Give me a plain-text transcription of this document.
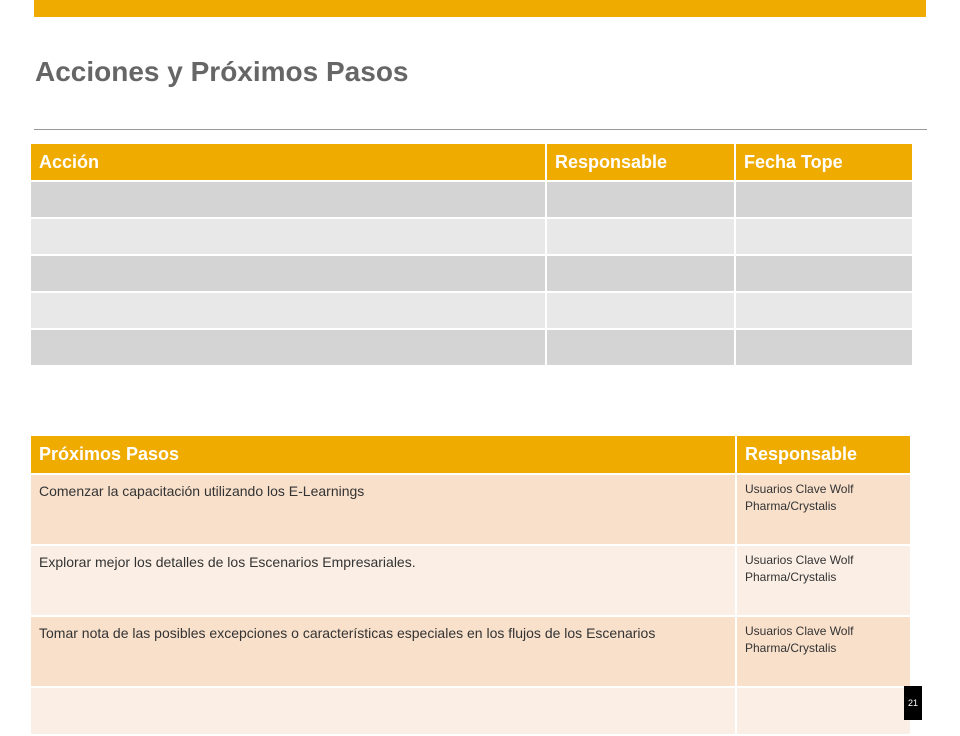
Acciones y Próximos Pasos
Acción	Responsable	Fecha Tope

Próximos Pasos	Responsable

Comenzar la capacitación utilizando los E-Learnings	Usuarios Clave Wolf Pharma/Crystalis

Explorar mejor los detalles de los Escenarios Empresariales.	Usuarios Clave Wolf Pharma/Crystalis

Tomar nota de las posibles excepciones o características especiales en los flujos de los Escenarios	Usuarios Clave Wolf Pharma/Crystalis

21
